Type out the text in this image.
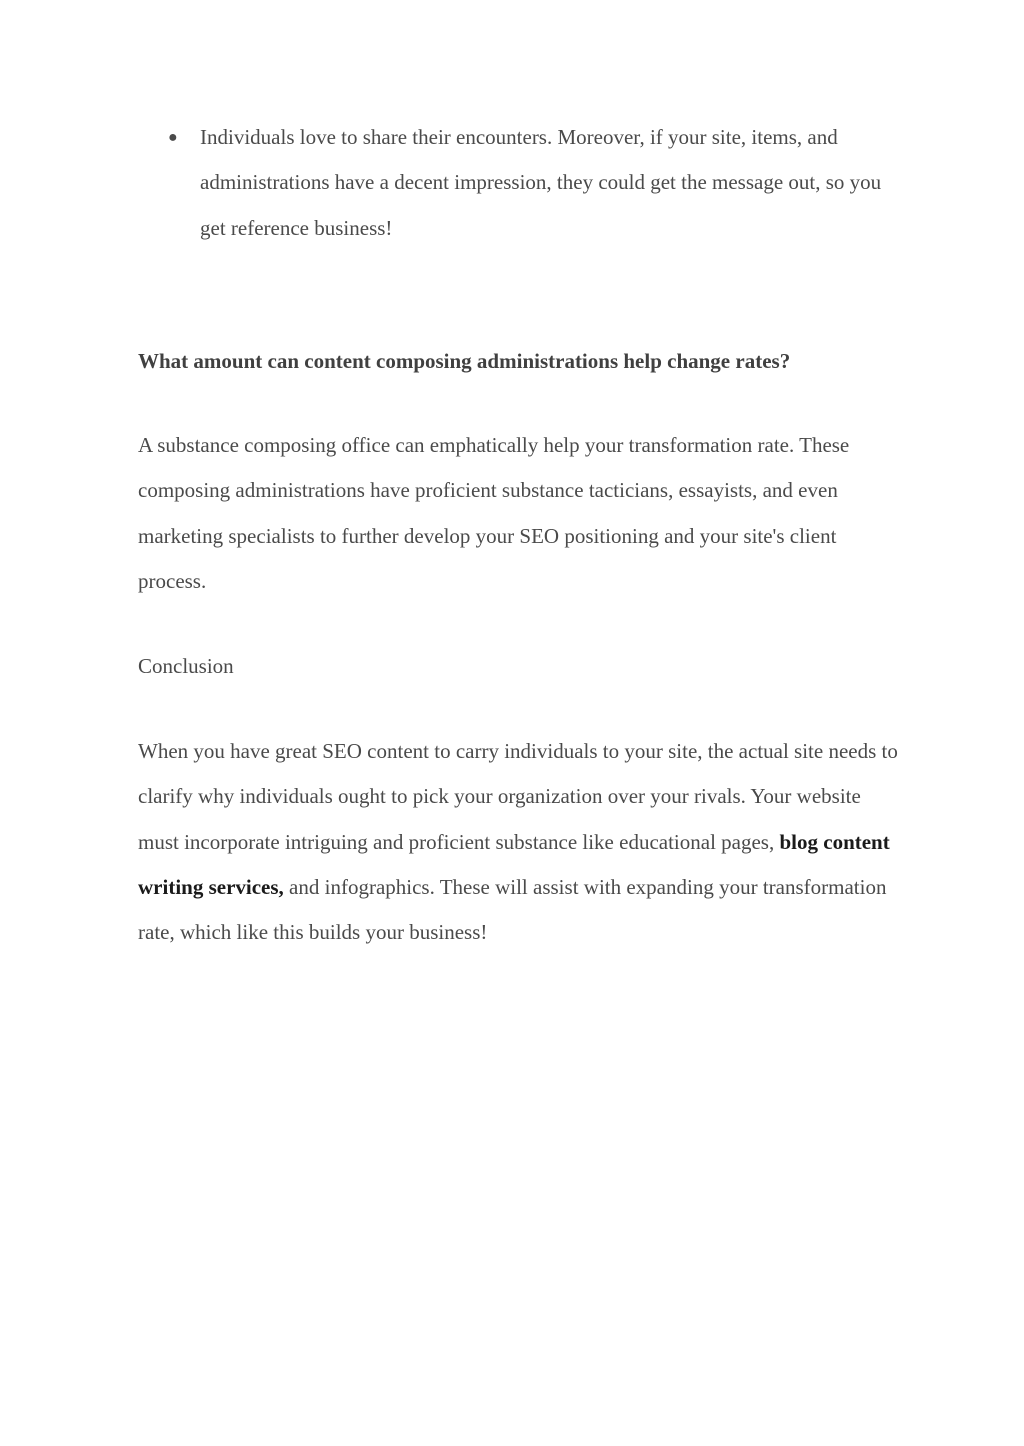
● Individuals love to share their encounters. Moreover, if your site, items, and administrations have a decent impression, they could get the message out, so you get reference business!

What amount can content composing administrations help change rates?

A substance composing office can emphatically help your transformation rate. These composing administrations have proficient substance tacticians, essayists, and even marketing specialists to further develop your SEO positioning and your site's client process.

Conclusion

When you have great SEO content to carry individuals to your site, the actual site needs to clarify why individuals ought to pick your organization over your rivals. Your website must incorporate intriguing and proficient substance like educational pages, blog content writing services, and infographics. These will assist with expanding your transformation rate, which like this builds your business!
